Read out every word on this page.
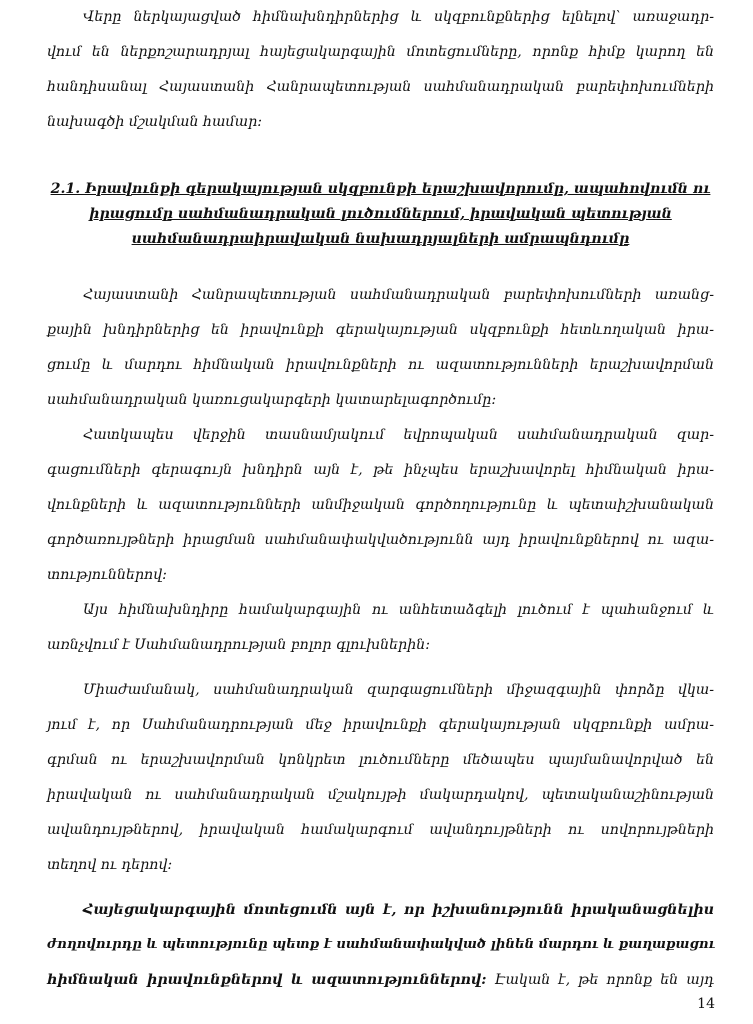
Վերը ներկայացված հիմնախնդիրներից և սկզբունքներից ելնելով՝ առաջադր-
վում են ներքոշարադրյալ հայեցակարգային մոտեցումները, որոնք հիմք կարող են
հանդիսանալ Հայաստանի Հանրապետության սահմանադրական բարեփոխումների
նախագծի մշակման համար:
2.1. Իրավունքի գերակայության սկզբունքի երաշխավորումը, ապահովումն ու
իրացումը սահմանադրական լուծումներում, իրավական պետության
սահմանադրաիրավական նախադրյալների ամրապնդումը
Հայաստանի Հանրապետության սահմանադրական բարեփոխումների առանց-
քային խնդիրներից են իրավունքի գերակայության սկզբունքի հետևողական իրա-
ցումը և մարդու հիմնական իրավունքների ու ազատությունների երաշխավորման
սահմանադրական կառուցակարգերի կատարելագործումը:
Հատկապես վերջին տասնամյակում եվրոպական սահմանադրական զար-
գացումների գերագույն խնդիրն այն է, թե ինչպես երաշխավորել հիմնական իրա-
վունքների և ազատությունների անմիջական գործողությունը և պետաիշխանական
գործառույթների իրացման սահմանափակվածությունն այդ իրավունքներով ու ազա-
տություններով:
Այս հիմնախնդիրը համակարգային ու անհետաձգելի լուծում է պահանջում և
առնչվում է Սահմանադրության բոլոր գլուխներին:
Միաժամանակ, սահմանադրական զարգացումների միջազգային փորձը վկա-
յում է, որ Սահմանադրության մեջ իրավունքի գերակայության սկզբունքի ամրա-
գրման ու երաշխավորման կոնկրետ լուծումները մեծապես պայմանավորված են
իրավական ու սահմանադրական մշակույթի մակարդակով, պետականաշինության
ավանդույթներով, իրավական համակարգում ավանդույթների ու սովորույթների
տեղով ու դերով:
Հայեցակարգային մոտեցումն այն է, որ իշխանությունն իրականացնելիս
ժողովուրդը և պետությունը պետք է սահմանափակված լինեն մարդու և քաղաքացու
հիմնական իրավունքներով և ազատություններով: Էական է, թե որոնք են այդ
14
